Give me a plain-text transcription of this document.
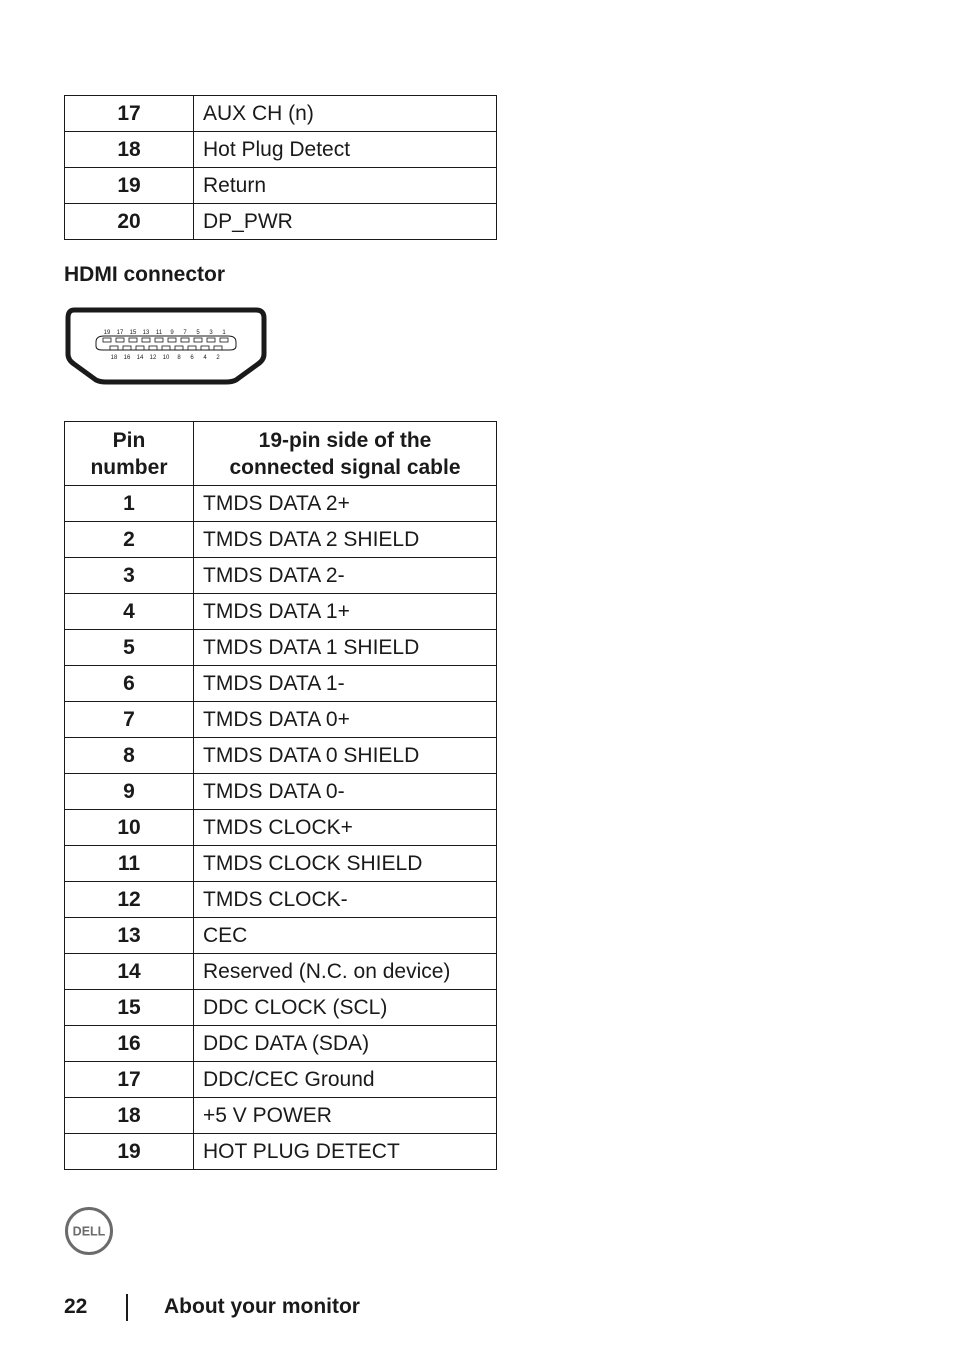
17	AUX CH (n)
18	Hot Plug Detect
19	Return
20	DP_PWR
HDMI connector
19 17 15 13 11 9 7 5 3 1
18 16 14 12 10 8 6 4 2
Pin
number	19-pin side of the
connected signal cable
1	TMDS DATA 2+
2	TMDS DATA 2 SHIELD
3	TMDS DATA 2-
4	TMDS DATA 1+
5	TMDS DATA 1 SHIELD
6	TMDS DATA 1-
7	TMDS DATA 0+
8	TMDS DATA 0 SHIELD
9	TMDS DATA 0-
10	TMDS CLOCK+
11	TMDS CLOCK SHIELD
12	TMDS CLOCK-
13	CEC
14	Reserved (N.C. on device)
15	DDC CLOCK (SCL)
16	DDC DATA (SDA)
17	DDC/CEC Ground
18	+5 V POWER
19	HOT PLUG DETECT
DELL
22	About your monitor
